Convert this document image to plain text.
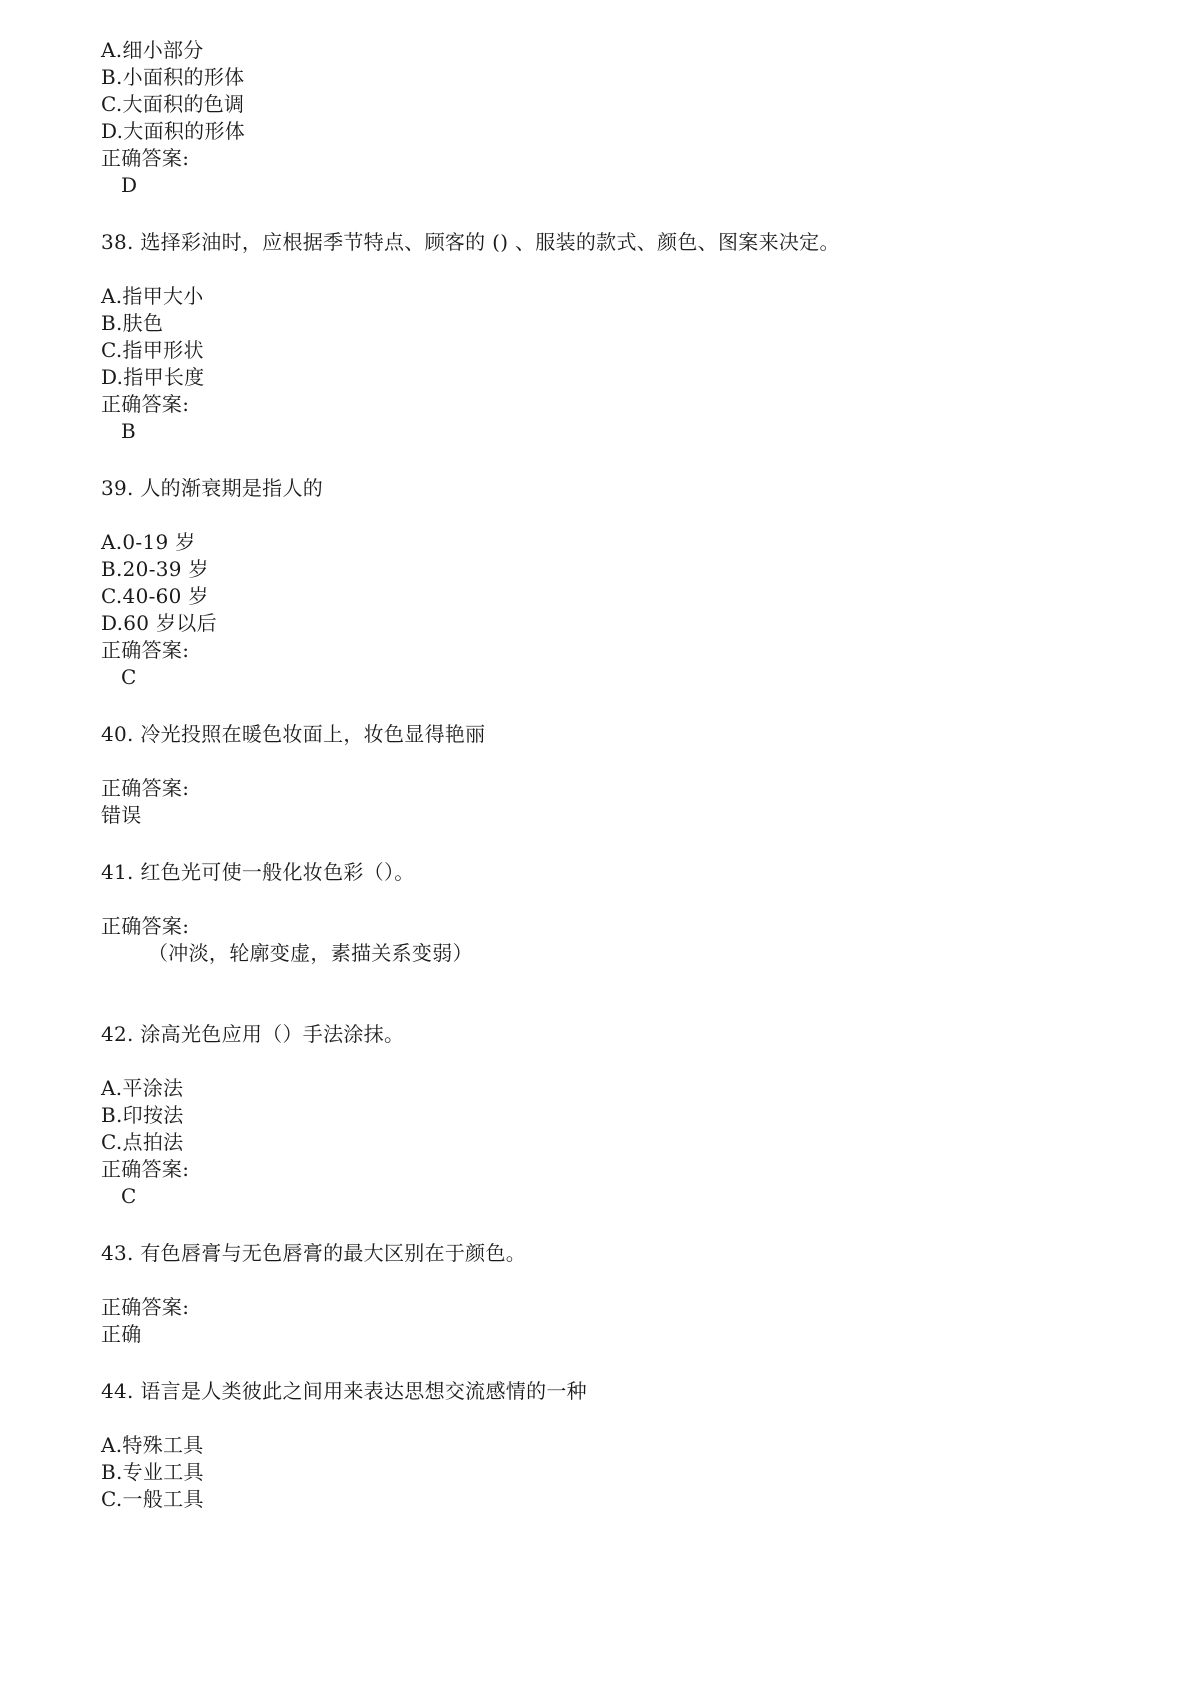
A.细小部分
B.小面积的形体
C.大面积的色调
D.大面积的形体
正确答案:
D
38. 选择彩油时，应根据季节特点、顾客的 () 、服装的款式、颜色、图案来决定。
A.指甲大小
B.肤色
C.指甲形状
D.指甲长度
正确答案:
B
39. 人的渐衰期是指人的
A.0-19 岁
B.20-39 岁
C.40-60 岁
D.60 岁以后
正确答案:
C
40. 冷光投照在暖色妆面上，妆色显得艳丽
正确答案:
错误
41. 红色光可使一般化妆色彩（）。
正确答案:
（冲淡，轮廓变虚，素描关系变弱）
42. 涂高光色应用（）手法涂抹。
A.平涂法
B.印按法
C.点拍法
正确答案:
C
43. 有色唇膏与无色唇膏的最大区别在于颜色。
正确答案:
正确
44. 语言是人类彼此之间用来表达思想交流感情的一种
A.特殊工具
B.专业工具
C.一般工具
